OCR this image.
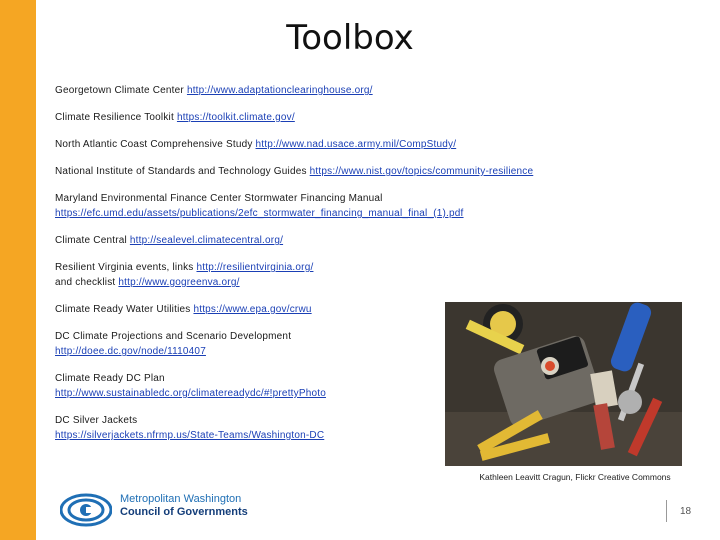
Toolbox
Georgetown Climate Center http://www.adaptationclearinghouse.org/
Climate Resilience Toolkit https://toolkit.climate.gov/
North Atlantic Coast Comprehensive Study http://www.nad.usace.army.mil/CompStudy/
National Institute of Standards and Technology Guides https://www.nist.gov/topics/community-resilience
Maryland Environmental Finance Center Stormwater Financing Manual
https://efc.umd.edu/assets/publications/2efc_stormwater_financing_manual_final_(1).pdf
Climate Central http://sealevel.climatecentral.org/
Resilient Virginia events, links http://resilientvirginia.org/
and checklist http://www.gogreenva.org/
Climate Ready Water Utilities https://www.epa.gov/crwu
DC Climate Projections and Scenario Development
http://doee.dc.gov/node/1110407
Climate Ready DC Plan
http://www.sustainabledc.org/climatereadydc/#!prettyPhoto
DC Silver Jackets
https://silverjackets.nfrmp.us/State-Teams/Washington-DC
Kathleen Leavitt Cragun, Flickr Creative Commons
Metropolitan Washington
Council of Governments	18
